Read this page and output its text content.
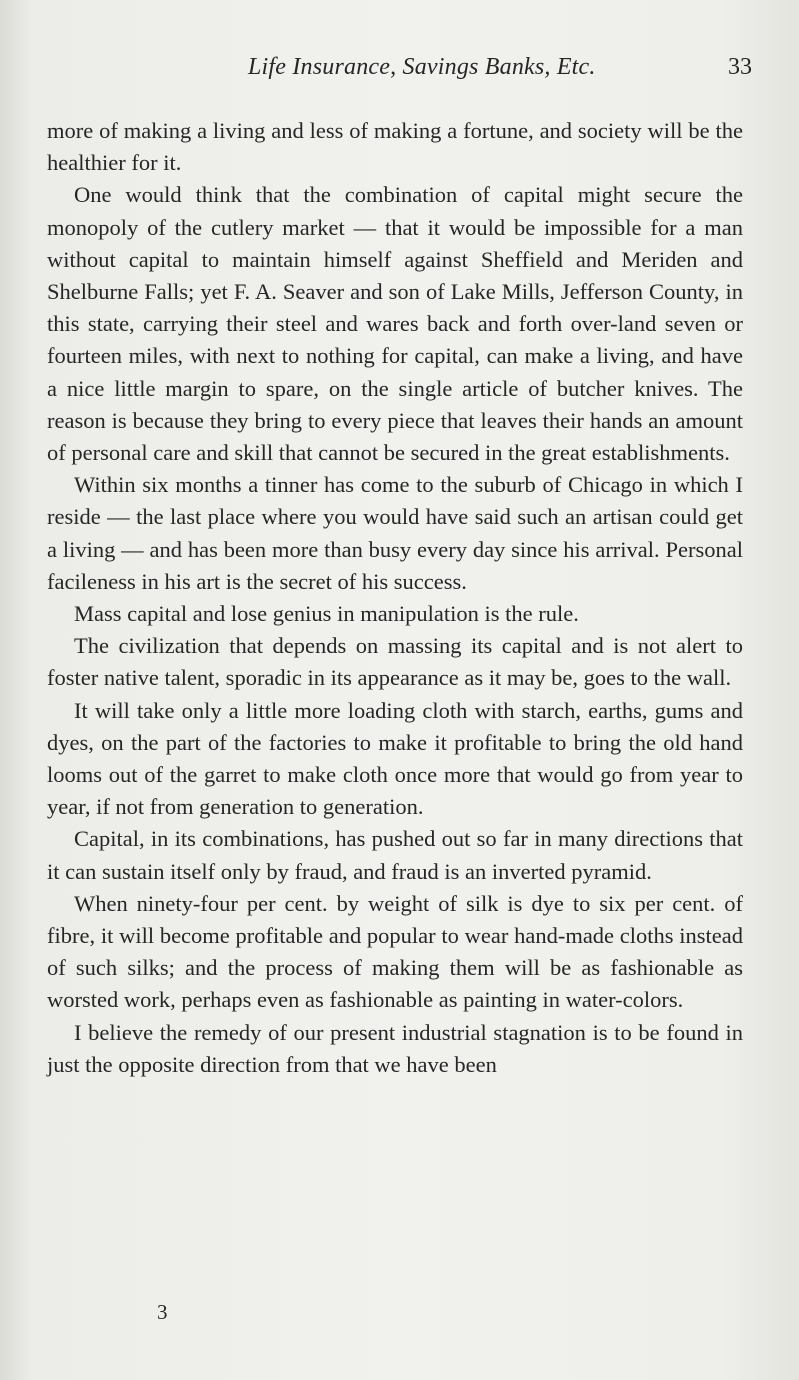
Life Insurance, Savings Banks, Etc.	33

more of making a living and less of making a fortune, and society will be the healthier for it.

One would think that the combination of capital might secure the monopoly of the cutlery market — that it would be impossible for a man without capital to maintain himself against Sheffield and Meriden and Shelburne Falls; yet F. A. Seaver and son of Lake Mills, Jefferson County, in this state, carrying their steel and wares back and forth over-land seven or fourteen miles, with next to nothing for capital, can make a living, and have a nice little margin to spare, on the single article of butcher knives. The reason is because they bring to every piece that leaves their hands an amount of personal care and skill that cannot be secured in the great establishments.

Within six months a tinner has come to the suburb of Chicago in which I reside — the last place where you would have said such an artisan could get a living — and has been more than busy every day since his arrival. Personal facileness in his art is the secret of his success.

Mass capital and lose genius in manipulation is the rule.

The civilization that depends on massing its capital and is not alert to foster native talent, sporadic in its appearance as it may be, goes to the wall.

It will take only a little more loading cloth with starch, earths, gums and dyes, on the part of the factories to make it profitable to bring the old hand looms out of the garret to make cloth once more that would go from year to year, if not from generation to generation.

Capital, in its combinations, has pushed out so far in many directions that it can sustain itself only by fraud, and fraud is an inverted pyramid.

When ninety-four per cent. by weight of silk is dye to six per cent. of fibre, it will become profitable and popular to wear hand-made cloths instead of such silks; and the process of making them will be as fashionable as worsted work, perhaps even as fashionable as painting in water-colors.

I believe the remedy of our present industrial stagnation is to be found in just the opposite direction from that we have been

3
